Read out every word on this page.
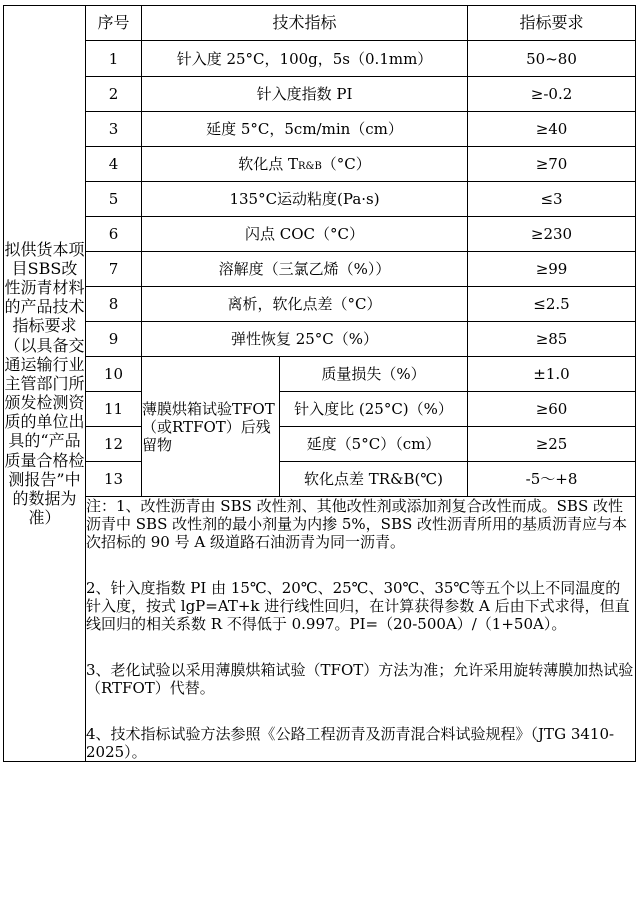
拟供货本项目SBS改性沥青材料的产品技术指标要求（以具备交通运输行业主管部门所颁发检测资质的单位出具的“产品质量合格检测报告”中的数据为准）	序号	技术指标		指标要求
	1	针入度 25°C，100g，5s（0.1mm）		50~80
	2	针入度指数 PI		≥-0.2
	3	延度 5°C，5cm/min（cm）		≥40
	4	软化点 TR&B（°C）		≥70
	5	135°C运动粘度(Pa·s)		≤3
	6	闪点 COC（°C）		≥230
	7	溶解度（三氯乙烯（%））		≥99
	8	离析，软化点差（°C）		≤2.5
	9	弹性恢复 25°C（%）		≥85
	10	薄膜烘箱试验TFOT（或RTFOT）后残留物	质量损失（%）	±1.0
	11		针入度比 (25°C)（%）	≥60
	12		延度（5°C）（cm）	≥25
	13		软化点差 TR&B(℃)	-5～+8

	注：1、改性沥青由 SBS 改性剂、其他改性剂或添加剂复合改性而成。SBS 改性沥青中 SBS 改性剂的最小剂量为内掺 5%，SBS 改性沥青所用的基质沥青应与本次招标的 90 号 A 级道路石油沥青为同一沥青。

2、针入度指数 PI 由 15℃、20℃、25℃、30℃、35℃等五个以上不同温度的针入度，按式 lgP=AT+k 进行线性回归，在计算获得参数 A 后由下式求得，但直线回归的相关系数 R 不得低于 0.997。PI=（20-500A）/（1+50A）。

3、老化试验以采用薄膜烘箱试验（TFOT）方法为准；允许采用旋转薄膜加热试验（RTFOT）代替。

4、技术指标试验方法参照《公路工程沥青及沥青混合料试验规程》（JTG 3410-2025）。			
